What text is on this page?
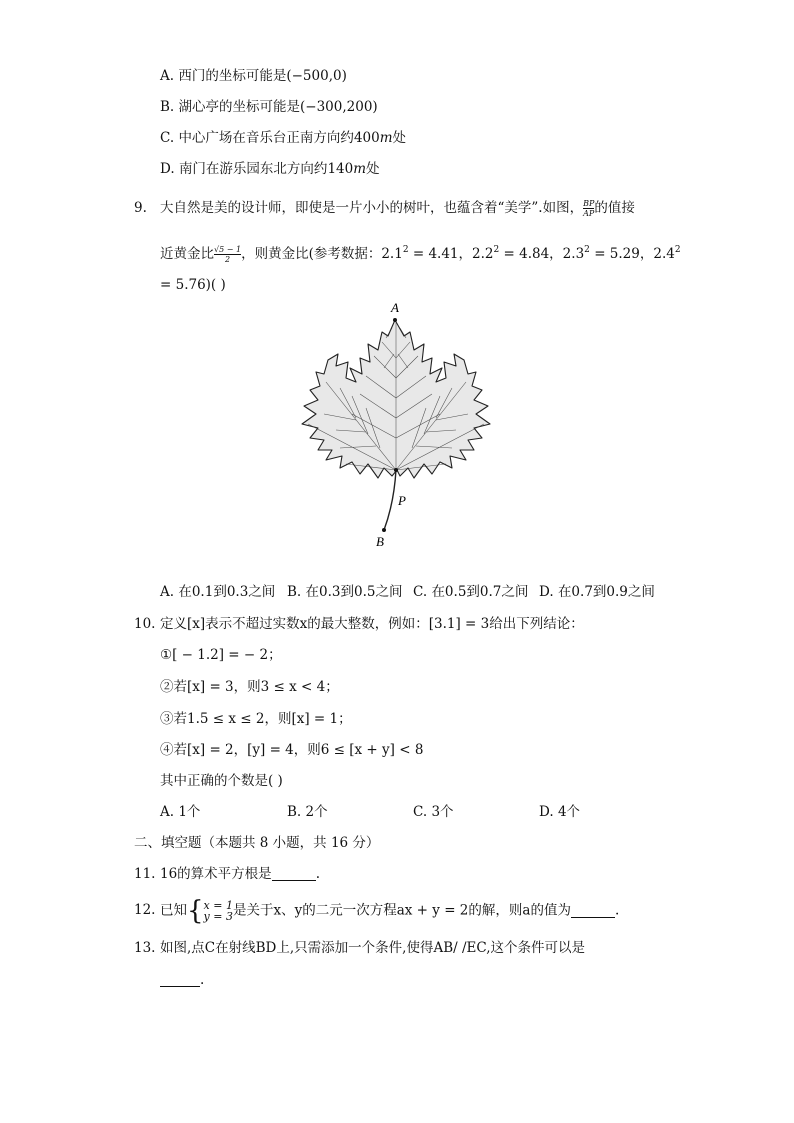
A. 西门的坐标可能是(−500,0)
B. 湖心亭的坐标可能是(−300,200)
C. 中心广场在音乐台正南方向约400m处
D. 南门在游乐园东北方向约140m处
9. 大自然是美的设计师，即使是一片小小的树叶，也蕴含着“美学”.如图，$\frac{BP}{AP}$ 的值接
近黄金比$\frac{√5 - 1}{2}$ ，则黄金比(参考数据：$2.1^2 = 4.41$，$2.2^2 = 4.84$，$2.3^2 = 5.29$，$2.4^2$
= 5.76)( )
A
P
B
A. 在0.1到0.3之间 B. 在0.3到0.5之间 C. 在0.5到0.7之间 D. 在0.7到0.9之间
10. 定义[x]表示不超过实数x的最大整数，例如：[3.1] = 3给出下列结论：
①[ − 1.2] = − 2；
②若[x] = 3，则3 ≤ x < 4；
③若1.5 ≤ x ≤ 2，则[x] = 1；
④若[x] = 2，[y] = 4，则6 ≤ [x + y] < 8
其中正确的个数是( )
A. 1个	B. 2个	C. 3个	D. 4个
二、填空题（本题共 8 小题，共 16 分）
11. 16的算术平方根是	.
12. 已知{ x = 1
y = 3 是关于x、y的二元一次方程ax + y = 2的解，则a的值为	.
13. 如图,点C在射线BD上,只需添加一个条件,使得AB/ /EC,这个条件可以是
.
